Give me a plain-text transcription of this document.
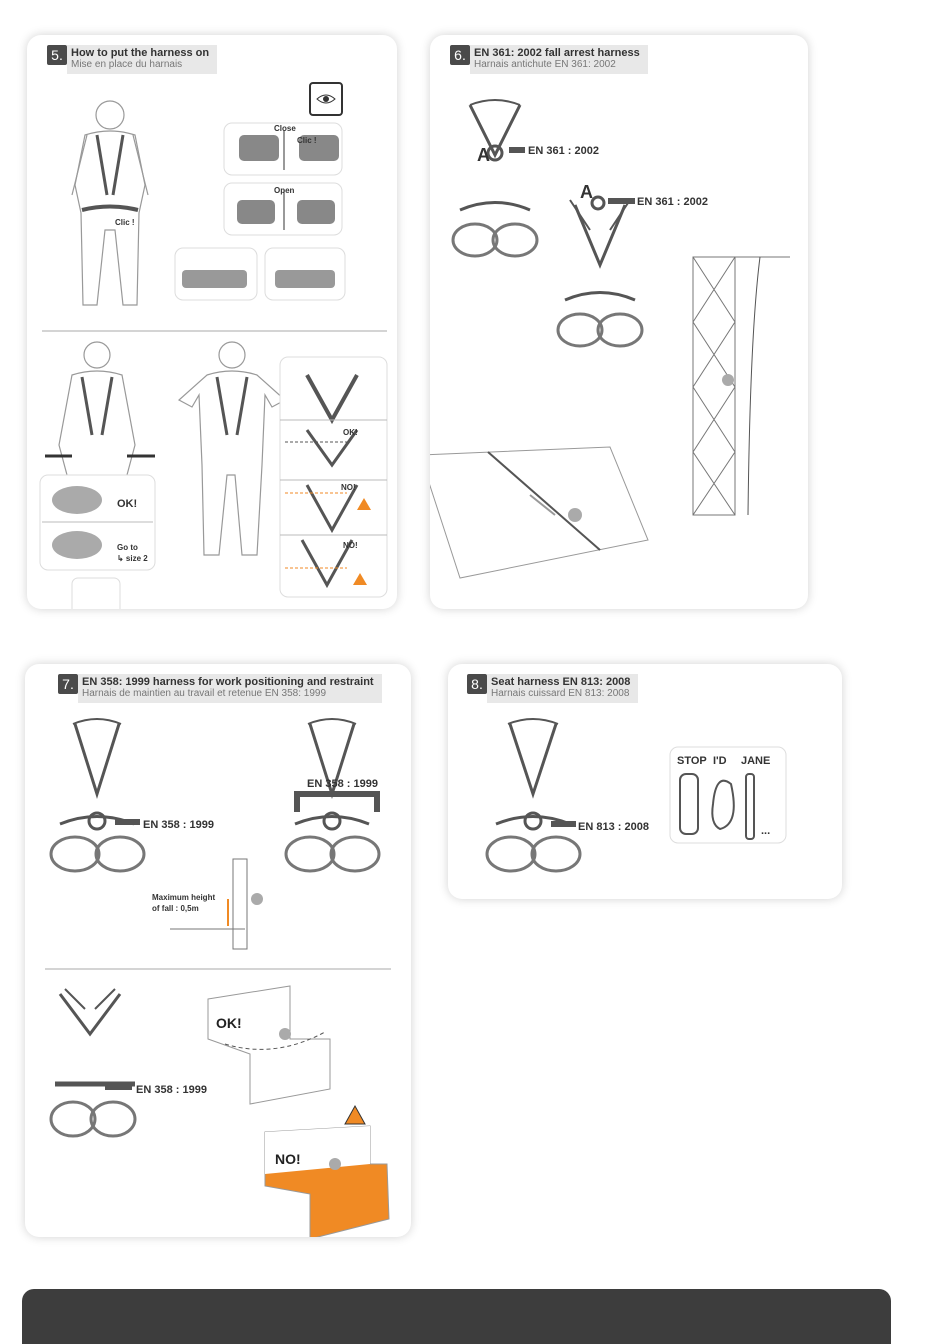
5. How to put the harness on
Mise en place du harnais
Clic !
Close
Clic !
Open
OK!
Go to
↳ size 2
OK!
NO!
NO!
6. EN 361: 2002 fall arrest harness
Harnais antichute EN 361: 2002
A	EN 361 : 2002
A	EN 361 : 2002
7. EN 358: 1999 harness for work positioning and restraint
Harnais de maintien au travail et retenue EN 358: 1999
EN 358 : 1999
EN 358 : 1999
Maximum height
of fall : 0,5m
EN 358 : 1999
OK!
NO!
8. Seat harness EN 813: 2008
Harnais cuissard EN 813: 2008
EN 813 : 2008
STOP I'D JANE
...
